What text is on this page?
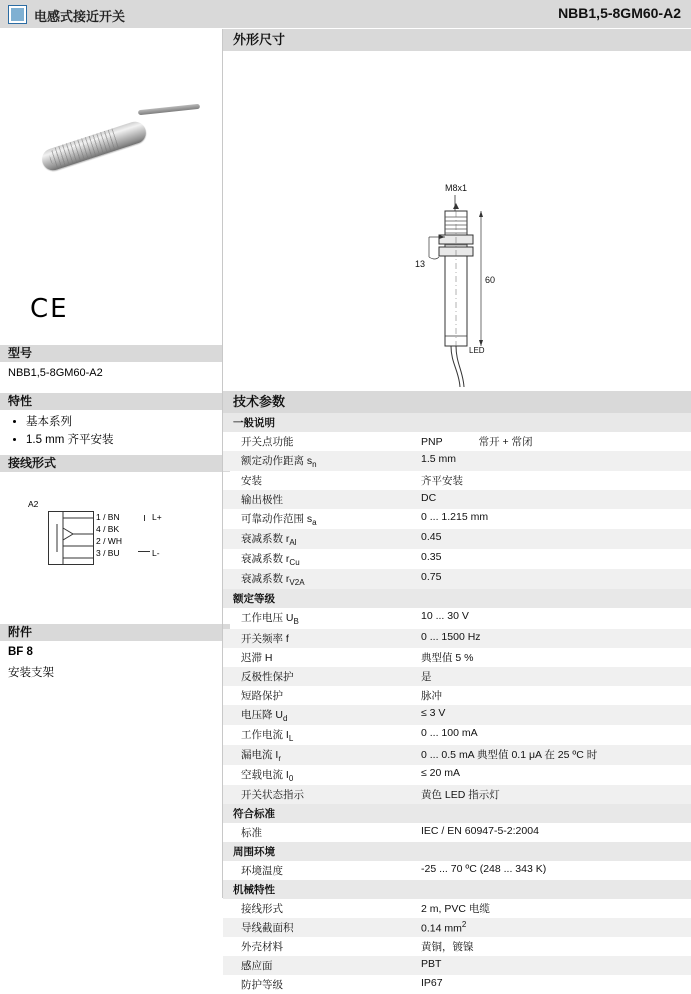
电感式接近开关	NBB1,5-8GM60-A2
CE
型号
NBB1,5-8GM60-A2
特性
• 基本系列
• 1.5 mm 齐平安装
接线形式
A2
1 / BN
4 / BK
2 / WH
3 / BU
L+
L-
附件
BF 8
安装支架
外形尺寸
M8x1
60
13
LED
技术参数
一般说明	
开关点功能	PNP 常开 + 常闭
额定动作距离 $s_n$	1.5 mm
安装	齐平安装
输出极性	DC
可靠动作范围 $s_a$	0 ... 1.215 mm
衰减系数 $r_{Al}$	0.45
衰减系数 $r_{Cu}$	0.35
衰减系数 $r_{V2A}$	0.75
额定等级	
工作电压 $U_B$	10 ... 30 V
开关频率 f	0 ... 1500 Hz
迟滞 H	典型值 5 %
反极性保护	是
短路保护	脉冲
电压降 $U_d$	≤ 3 V
工作电流 $I_L$	0 ... 100 mA
漏电流 $I_r$	0 ... 0.5 mA 典型值 0.1 μA 在 25 ºC 时
空载电流 $I_0$	≤ 20 mA
开关状态指示	黄色 LED 指示灯
符合标准	
标准	IEC / EN 60947-5-2:2004
周围环境	
环境温度	-25 ... 70 ºC (248 ... 343 K)
机械特性	
接线形式	2 m, PVC 电缆
导线截面积	0.14 $mm^2$
外壳材料	黄铜，镀镍
感应面	PBT
防护等级	IP67
